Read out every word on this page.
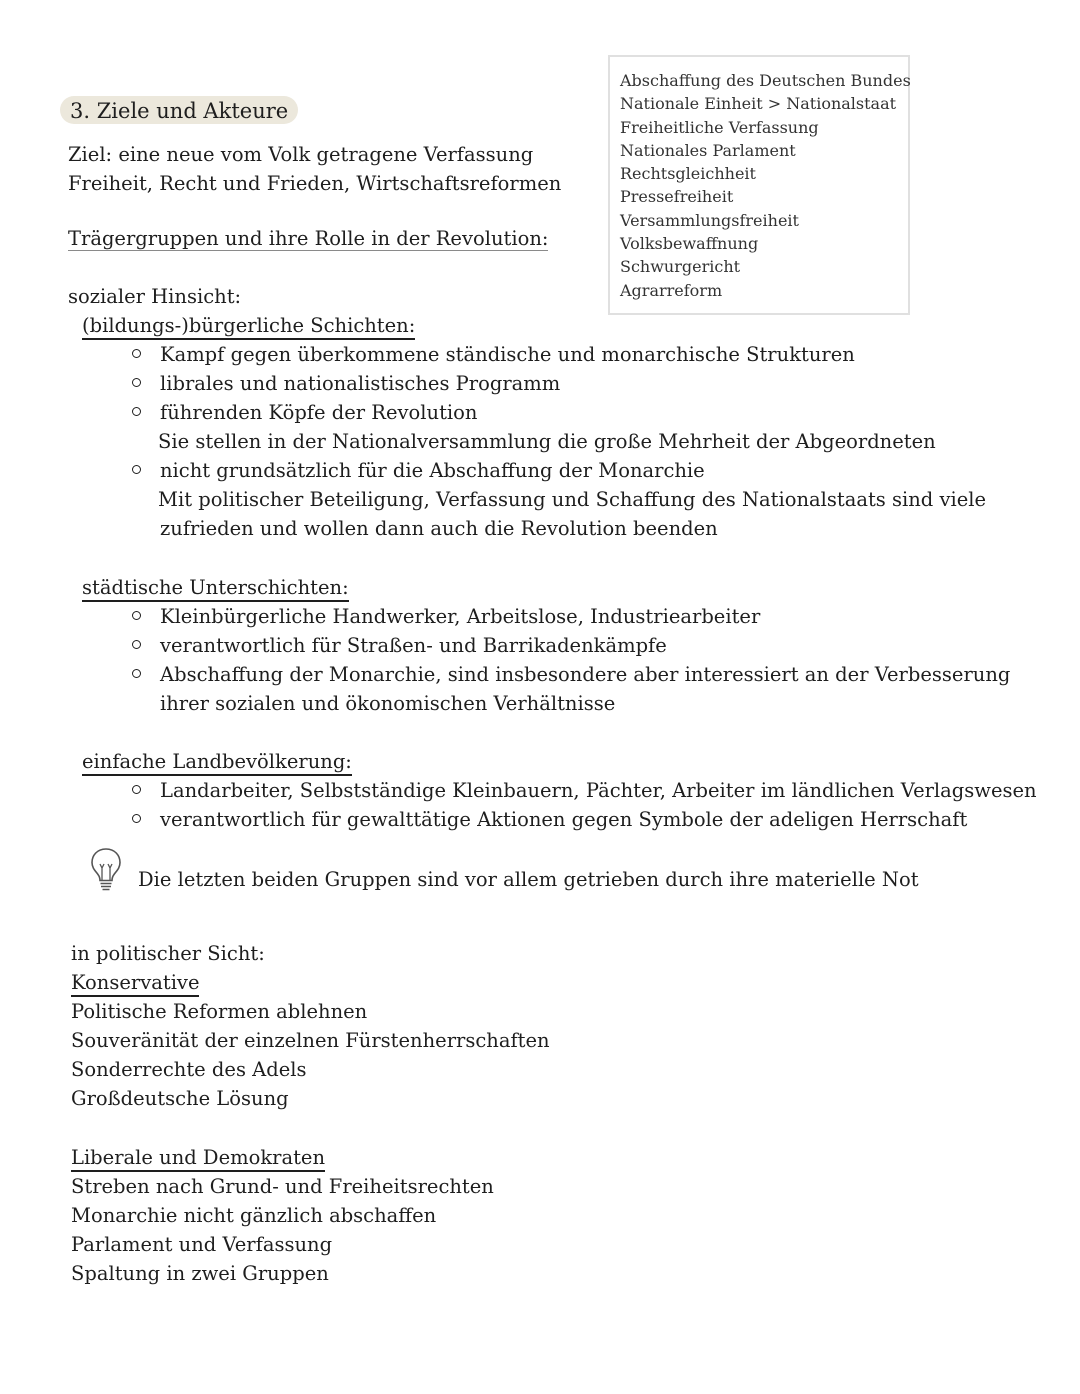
3. Ziele und Akteure
Abschaffung des Deutschen Bundes
Nationale Einheit > Nationalstaat
Freiheitliche Verfassung
Nationales Parlament
Rechtsgleichheit
Pressefreiheit
Versammlungsfreiheit
Volksbewaffnung
Schwurgericht
Agrarreform
Ziel: eine neue vom Volk getragene Verfassung
Freiheit, Recht und Frieden, Wirtschaftsreformen
Trägergruppen und ihre Rolle in der Revolution:
sozialer Hinsicht:
(bildungs-)bürgerliche Schichten:
Kampf gegen überkommene ständische und monarchische Strukturen
librales und nationalistisches Programm
führenden Köpfe der Revolution
Sie stellen in der Nationalversammlung die große Mehrheit der Abgeordneten
nicht grundsätzlich für die Abschaffung der Monarchie
Mit politischer Beteiligung, Verfassung und Schaffung des Nationalstaats sind viele
zufrieden und wollen dann auch die Revolution beenden
städtische Unterschichten:
Kleinbürgerliche Handwerker, Arbeitslose, Industriearbeiter
verantwortlich für Straßen- und Barrikadenkämpfe
Abschaffung der Monarchie, sind insbesondere aber interessiert an der Verbesserung
ihrer sozialen und ökonomischen Verhältnisse
einfache Landbevölkerung:
Landarbeiter, Selbstständige Kleinbauern, Pächter, Arbeiter im ländlichen Verlagswesen
verantwortlich für gewalttätige Aktionen gegen Symbole der adeligen Herrschaft
Die letzten beiden Gruppen sind vor allem getrieben durch ihre materielle Not
in politischer Sicht:
Konservative
Politische Reformen ablehnen
Souveränität der einzelnen Fürstenherrschaften
Sonderrechte des Adels
Großdeutsche Lösung
Liberale und Demokraten
Streben nach Grund- und Freiheitsrechten
Monarchie nicht gänzlich abschaffen
Parlament und Verfassung
Spaltung in zwei Gruppen
